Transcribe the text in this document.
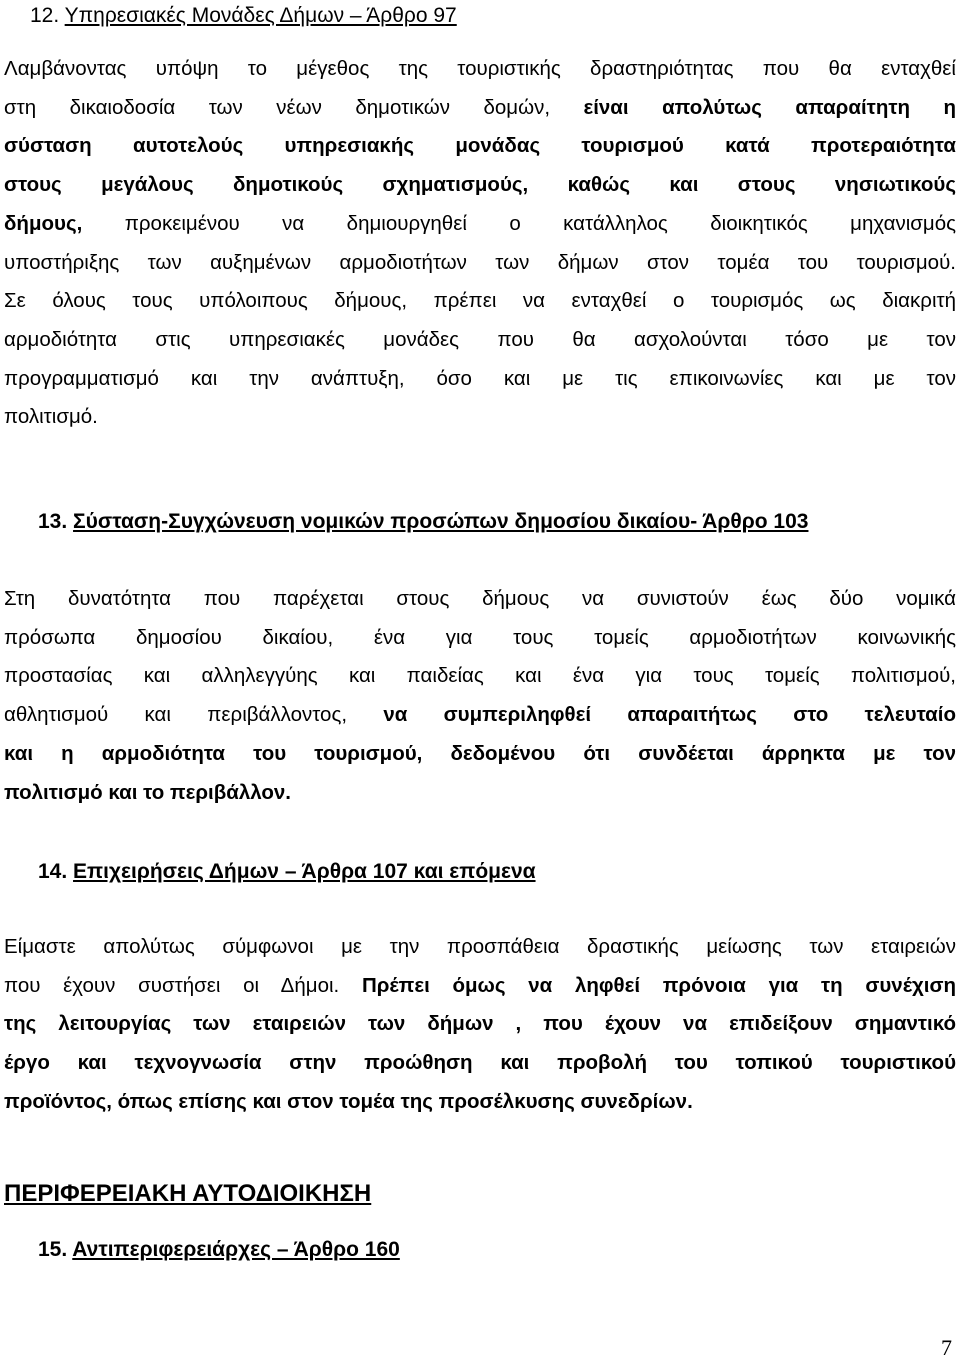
12. Υπηρεσιακές Μονάδες Δήμων – Άρθρο 97
Λαμβάνοντας υπόψη το μέγεθος της τουριστικής δραστηριότητας που θα ενταχθεί
στη δικαιοδοσία των νέων δημοτικών δομών, είναι απολύτως απαραίτητη η
σύσταση αυτοτελούς υπηρεσιακής μονάδας τουρισμού κατά προτεραιότητα
στους μεγάλους δημοτικούς σχηματισμούς, καθώς και στους νησιωτικούς
δήμους, προκειμένου να δημιουργηθεί ο κατάλληλος διοικητικός μηχανισμός
υποστήριξης των αυξημένων αρμοδιοτήτων των δήμων στον τομέα του τουρισμού.
Σε όλους τους υπόλοιπους δήμους, πρέπει να ενταχθεί ο τουρισμός ως διακριτή
αρμοδιότητα στις υπηρεσιακές μονάδες που θα ασχολούνται τόσο με τον
προγραμματισμό και την ανάπτυξη, όσο και με τις επικοινωνίες και με τον
πολιτισμό.
13. Σύσταση-Συγχώνευση νομικών προσώπων δημοσίου δικαίου- Άρθρο 103
Στη δυνατότητα που παρέχεται στους δήμους να συνιστούν έως δύο νομικά
πρόσωπα δημοσίου δικαίου, ένα για τους τομείς αρμοδιοτήτων κοινωνικής
προστασίας και αλληλεγγύης και παιδείας και ένα για τους τομείς πολιτισμού,
αθλητισμού και περιβάλλοντος, να συμπεριληφθεί απαραιτήτως στο τελευταίο
και η αρμοδιότητα του τουρισμού, δεδομένου ότι συνδέεται άρρηκτα με τον
πολιτισμό και το περιβάλλον.
14. Επιχειρήσεις Δήμων – Άρθρα 107 και επόμενα
Είμαστε απολύτως σύμφωνοι με την προσπάθεια δραστικής μείωσης των εταιρειών
που έχουν συστήσει οι Δήμοι. Πρέπει όμως να ληφθεί πρόνοια για τη συνέχιση
της λειτουργίας των εταιρειών των δήμων , που έχουν να επιδείξουν σημαντικό
έργο και τεχνογνωσία στην προώθηση και προβολή του τοπικού τουριστικού
προϊόντος, όπως επίσης και στον τομέα της προσέλκυσης συνεδρίων.
ΠΕΡΙΦΕΡΕΙΑΚΗ ΑΥΤΟΔΙΟΙΚΗΣΗ
15. Αντιπεριφερειάρχες – Άρθρο 160
7
